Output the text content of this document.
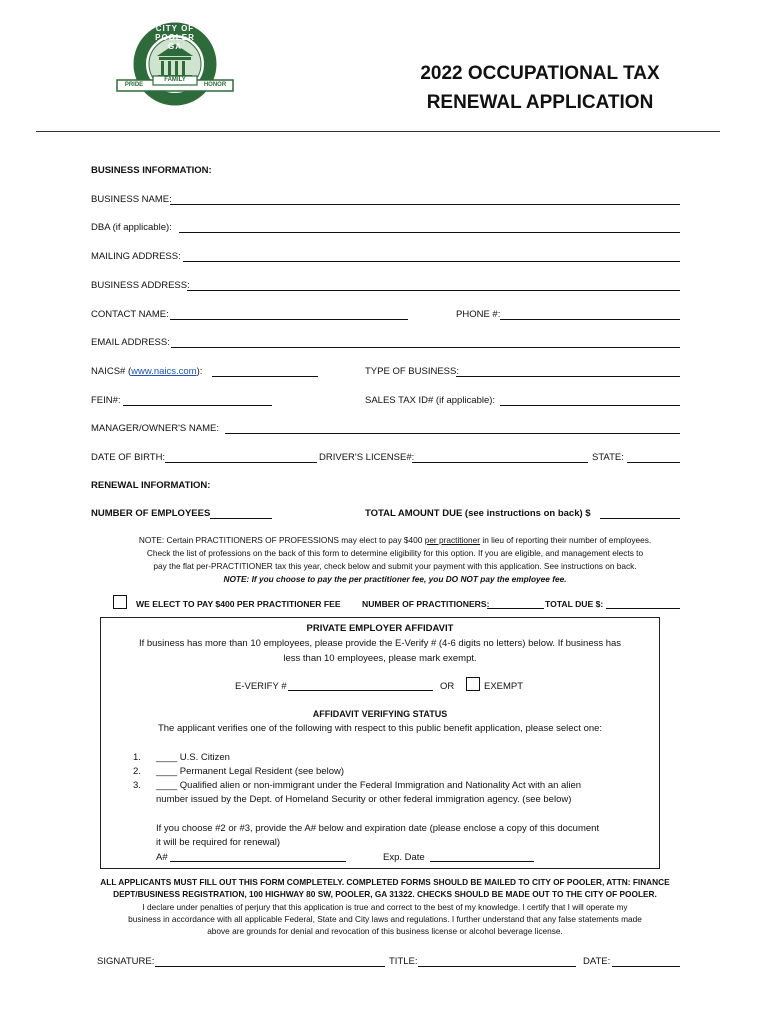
CITY OF POOLER GA
PRIDE
FAMILY
HONOR
1907
2022 OCCUPATIONAL TAX
RENEWAL APPLICATION
BUSINESS INFORMATION:
BUSINESS NAME:
DBA (if applicable):
MAILING ADDRESS:
BUSINESS ADDRESS:
CONTACT NAME:	PHONE #:
EMAIL ADDRESS:
NAICS# (www.naics.com):	TYPE OF BUSINESS:
FEIN#:	SALES TAX ID# (if applicable):
MANAGER/OWNER'S NAME:
DATE OF BIRTH:	DRIVER'S LICENSE#:	STATE:
RENEWAL INFORMATION:
NUMBER OF EMPLOYEES	TOTAL AMOUNT DUE (see instructions on back) $
NOTE: Certain PRACTITIONERS OF PROFESSIONS may elect to pay $400 per practitioner in lieu of reporting their number of employees.
Check the list of professions on the back of this form to determine eligibility for this option. If you are eligible, and management elects to
pay the flat per-PRACTITIONER tax this year, check below and submit your payment with this application. See instructions on back.
NOTE: If you choose to pay the per practitioner fee, you DO NOT pay the employee fee.
WE ELECT TO PAY $400 PER PRACTITIONER FEE NUMBER OF PRACTITIONERS:	TOTAL DUE $:
PRIVATE EMPLOYER AFFIDAVIT
If business has more than 10 employees, please provide the E-Verify # (4-6 digits no letters) below. If business has
less than 10 employees, please mark exempt.
E-VERIFY #	OR	EXEMPT
AFFIDAVIT VERIFYING STATUS
The applicant verifies one of the following with respect to this public benefit application, please select one:
1. ____ U.S. Citizen
2. ____ Permanent Legal Resident (see below)
3. ____ Qualified alien or non-immigrant under the Federal Immigration and Nationality Act with an alien
number issued by the Dept. of Homeland Security or other federal immigration agency. (see below)
If you choose #2 or #3, provide the A# below and expiration date (please enclose a copy of this document
it will be required for renewal)
A#	Exp. Date
ALL APPLICANTS MUST FILL OUT THIS FORM COMPLETELY. COMPLETED FORMS SHOULD BE MAILED TO CITY OF POOLER, ATTN: FINANCE
DEPT/BUSINESS REGISTRATION, 100 HIGHWAY 80 SW, POOLER, GA 31322. CHECKS SHOULD BE MADE OUT TO THE CITY OF POOLER.
I declare under penalties of perjury that this application is true and correct to the best of my knowledge. I certify that I will operate my
business in accordance with all applicable Federal, State and City laws and regulations. I further understand that any false statements made
above are grounds for denial and revocation of this business license or alcohol beverage license.
SIGNATURE:	TITLE:	DATE:
